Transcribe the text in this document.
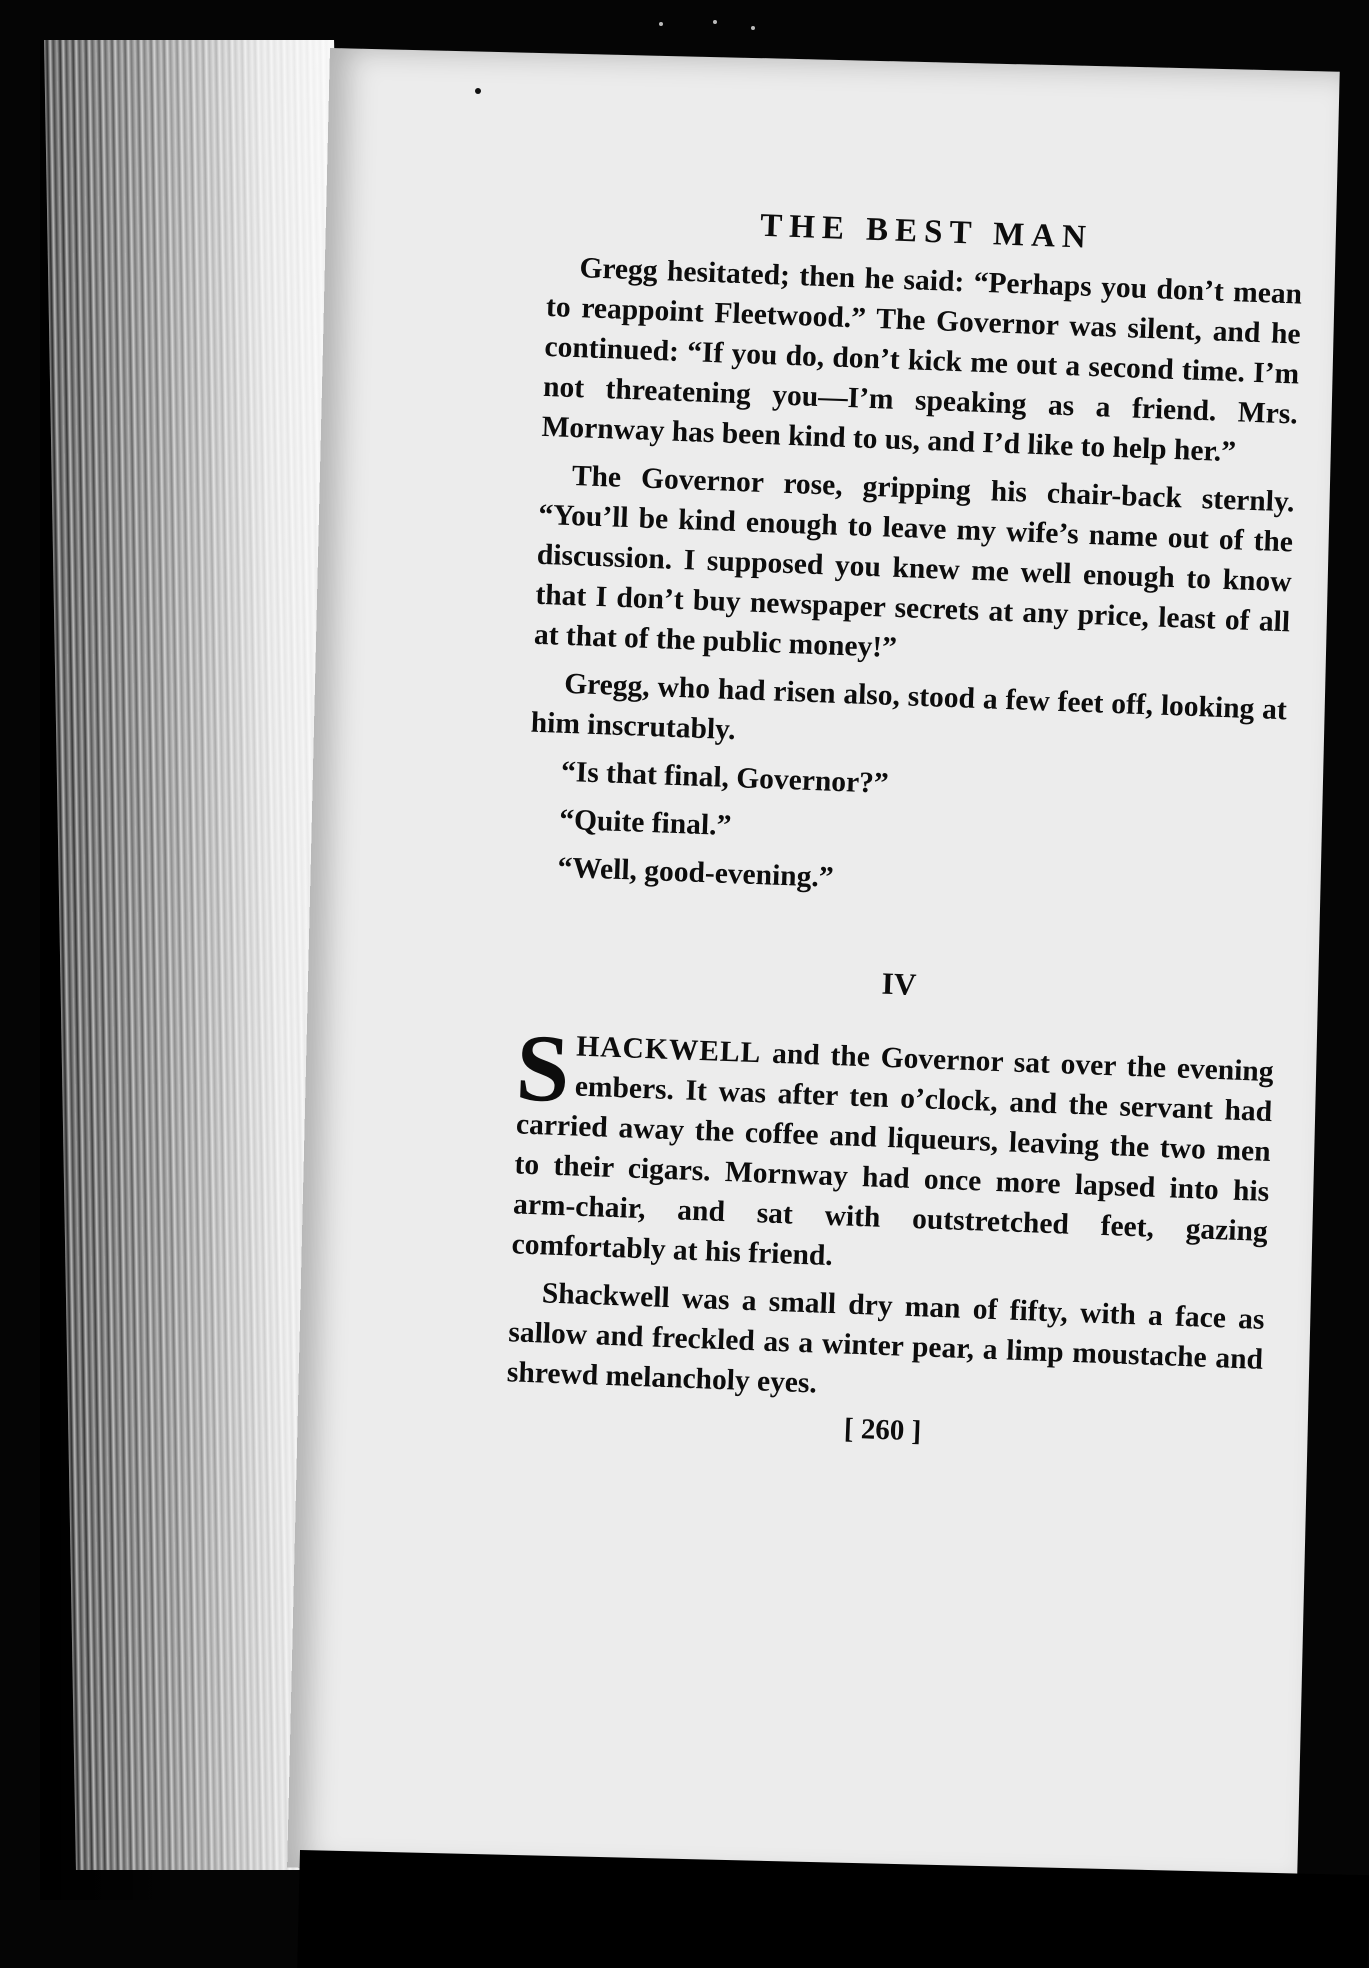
THE BEST MAN

Gregg hesitated; then he said: “Perhaps you don’t mean to reappoint Fleetwood.” The Governor was silent, and he continued: “If you do, don’t kick me out a second time. I’m not threatening you—I’m speaking as a friend. Mrs. Mornway has been kind to us, and I’d like to help her.”

The Governor rose, gripping his chair-back sternly. “You’ll be kind enough to leave my wife’s name out of the discussion. I supposed you knew me well enough to know that I don’t buy newspaper secrets at any price, least of all at that of the public money!”

Gregg, who had risen also, stood a few feet off, looking at him inscrutably.

“Is that final, Governor?”

“Quite final.”

“Well, good-evening.”

IV

SHACKWELL and the Governor sat over the evening embers. It was after ten o’clock, and the servant had carried away the coffee and liqueurs, leaving the two men to their cigars. Mornway had once more lapsed into his arm-chair, and sat with outstretched feet, gazing comfortably at his friend.

Shackwell was a small dry man of fifty, with a face as sallow and freckled as a winter pear, a limp moustache and shrewd melancholy eyes.

[ 260 ]
